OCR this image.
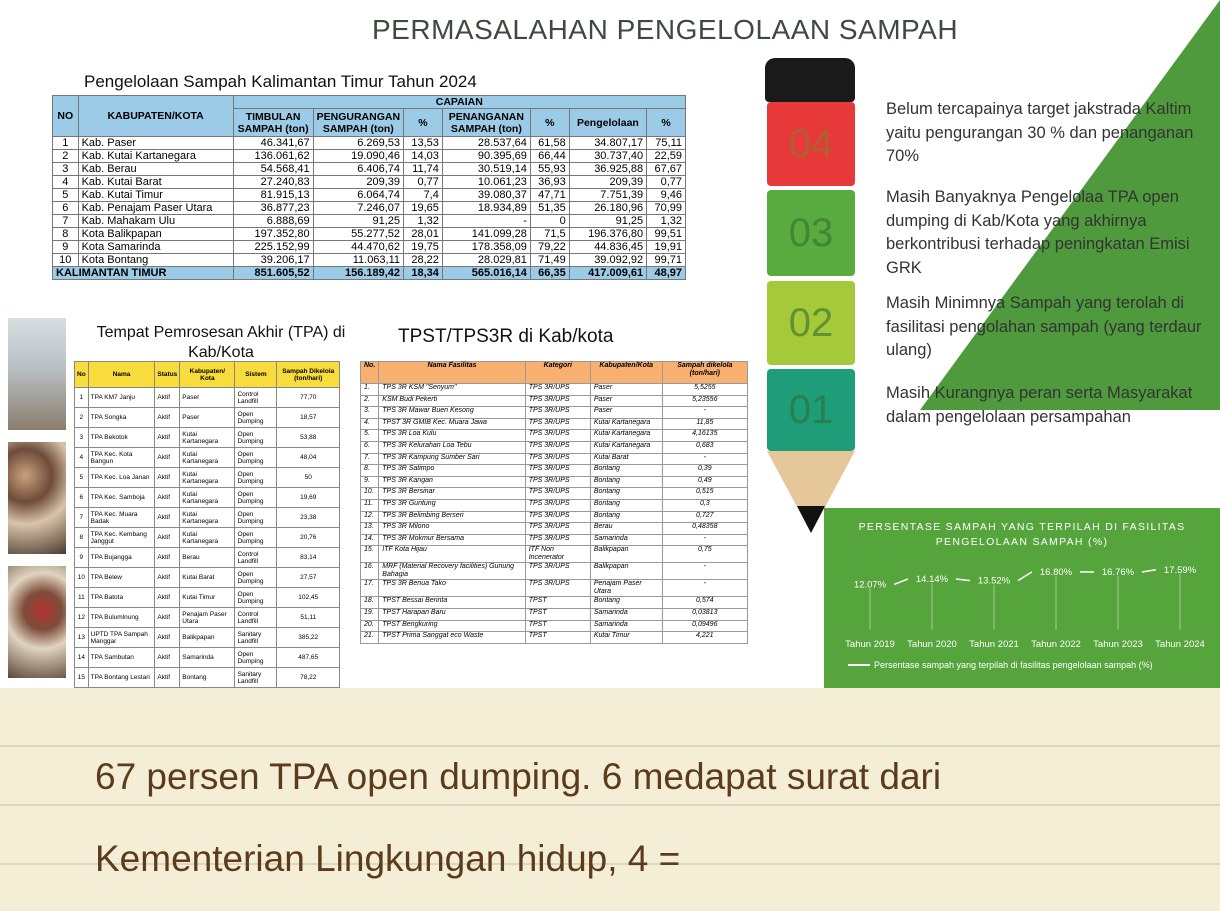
PERMASALAHAN PENGELOLAAN SAMPAH
Pengelolaan Sampah Kalimantan Timur Tahun 2024
NO	KABUPATEN/KOTA	CAPAIAN						
		TIMBULAN SAMPAH (ton)	PENGURANGAN SAMPAH (ton)	%	PENANGANAN SAMPAH (ton)	%	Pengelolaan	%
1	Kab. Paser	46.341,67	6.269,53	13,53	28.537,64	61,58	34.807,17	75,11
2	Kab. Kutai Kartanegara	136.061,62	19.090,46	14,03	90.395,69	66,44	30.737,40	22,59
3	Kab. Berau	54.568,41	6.406,74	11,74	30.519,14	55,93	36.925,88	67,67
4	Kab. Kutai Barat	27.240,83	209,39	0,77	10.061,23	36,93	209,39	0,77
5	Kab. Kutai Timur	81.915,13	6.064,74	7,4	39.080,37	47,71	7.751,39	9,46
6	Kab. Penajam Paser Utara	36.877,23	7.246,07	19,65	18.934,89	51,35	26.180,96	70,99
7	Kab. Mahakam Ulu	6.888,69	91,25	1,32	-	0	91,25	1,32
8	Kota Balikpapan	197.352,80	55.277,52	28,01	141.099,28	71,5	196.376,80	99,51
9	Kota Samarinda	225.152,99	44.470,62	19,75	178.358,09	79,22	44.836,45	19,91
10	Kota Bontang	39.206,17	11.063,11	28,22	28.029,81	71,49	39.092,92	99,71
KALIMANTAN TIMUR		851.605,52	156.189,42	18,34	565.016,14	66,35	417.009,61	48,97
Tempat Pemrosesan Akhir (TPA) di Kab/Kota
No	Nama	Status	Kabupaten/ Kota	Sistem	Sampah Dikelola (ton/hari)
1	TPA KM7 Janju	Aktif	Paser	Control Landfill	77,70
2	TPA Songka	Aktif	Paser	Open Dumping	18,57
3	TPA Bekotok	Aktif	Kutai Kartanegara	Open Dumping	53,88
4	TPA Kec. Kota Bangun	Aktif	Kutai Kartanegara	Open Dumping	48,04
5	TPA Kec. Loa Janan	Aktif	Kutai Kartanegara	Open Dumping	50
6	TPA Kec. Samboja	Aktif	Kutai Kartanegara	Open Dumping	19,69
7	TPA Kec. Muara Badak	Aktif	Kutai Kartanegara	Open Dumping	23,38
8	TPA Kec. Kembang Janggut	Aktif	Kutai Kartanegara	Open Dumping	20,76
9	TPA Bujangga	Aktif	Berau	Control Landfill	83,14
10	TPA Belew	Aktif	Kutai Barat	Open Dumping	27,57
11	TPA Batota	Aktif	Kutai Timur	Open Dumping	102,45
12	TPA Bulumlnung	Aktif	Penajam Paser Utara	Control Landfill	51,11
13	UPTD TPA Sampah Manggar	Aktif	Balikpapan	Sanitary Landfill	385,22
14	TPA Sambutan	Aktif	Samarinda	Open Dumping	487,65
15	TPA Bontang Lestari	Aktif	Bontang	Sanitary Landfill	78,22
TPST/TPS3R di Kab/kota
No.	Nama Fasilitas	Kategori	Kabupaten/Kota	Sampah dikelola (ton/hari)
1.	TPS 3R KSM "Senyum"	TPS 3R/UPS	Paser	5,5255
2.	KSM Budi Pekerti	TPS 3R/UPS	Paser	5,23556
3.	TPS 3R Mawar Buen Kesong	TPS 3R/UPS	Paser	-
4.	TPST 3R GMIB Kec. Muara Jawa	TPS 3R/UPS	Kutai Kartanegara	11,85
5.	TPS 3R Loa Kulu	TPS 3R/UPS	Kutai Kartanegara	4,16135
6.	TPS 3R Kelurahan Loa Tebu	TPS 3R/UPS	Kutai Kartanegara	0,683
7.	TPS 3R Kampung Sumber Sari	TPS 3R/UPS	Kutai Barat	-
8.	TPS 3R Satimpo	TPS 3R/UPS	Bontang	0,39
9.	TPS 3R Kangan	TPS 3R/UPS	Bontang	0,49
10.	TPS 3R Bersinar	TPS 3R/UPS	Bontang	0,515
11.	TPS 3R Guntung	TPS 3R/UPS	Bontang	0,3
12.	TPS 3R Belimbing Berseri	TPS 3R/UPS	Bontang	0,727
13.	TPS 3R Milono	TPS 3R/UPS	Berau	0,48358
14.	TPS 3R Mokmur Bersama	TPS 3R/UPS	Samarinda	-
15.	ITF Kota Hijau	ITF Non Incenerator	Balikpapan	0,75
16.	MRF (Material Recovery facilities) Gunung Bahagia	TPS 3R/UPS	Balikpapan	-
17.	TPS 3R Benua Tako	TPS 3R/UPS	Penajam Paser Utara	-
18.	TPST Bessai Berinta	TPST	Bontang	0,574
19.	TPST Harapan Baru	TPST	Samarinda	0,03813
20.	TPST Bengkuring	TPST	Samarinda	0,09496
21.	TPST Prima Sanggat eco Waste	TPST	Kutai Timur	4,221
04
03
02
01
Belum tercapainya target jakstrada Kaltim yaitu pengurangan 30 % dan penanganan 70%
Masih Banyaknya Pengelolaa TPA open dumping di Kab/Kota yang akhirnya berkontribusi terhadap peningkatan Emisi GRK
Masih Minimnya Sampah yang terolah di fasilitasi pengolahan sampah (yang terdaur ulang)
Masih Kurangnya peran serta Masyarakat dalam pengelolaan persampahan
PERSENTASE SAMPAH YANG TERPILAH DI FASILITAS PENGELOLAAN SAMPAH (%)
12.07%
Tahun 2019
14.14%
Tahun 2020
13.52%
Tahun 2021
16.80%
Tahun 2022
16.76%
Tahun 2023
17.59%
Tahun 2024
Persentase sampah yang terpilah di fasilitas pengelolaan sampah (%)
67 persen TPA open dumping. 6 medapat surat dari
Kementerian Lingkungan hidup, 4 =
